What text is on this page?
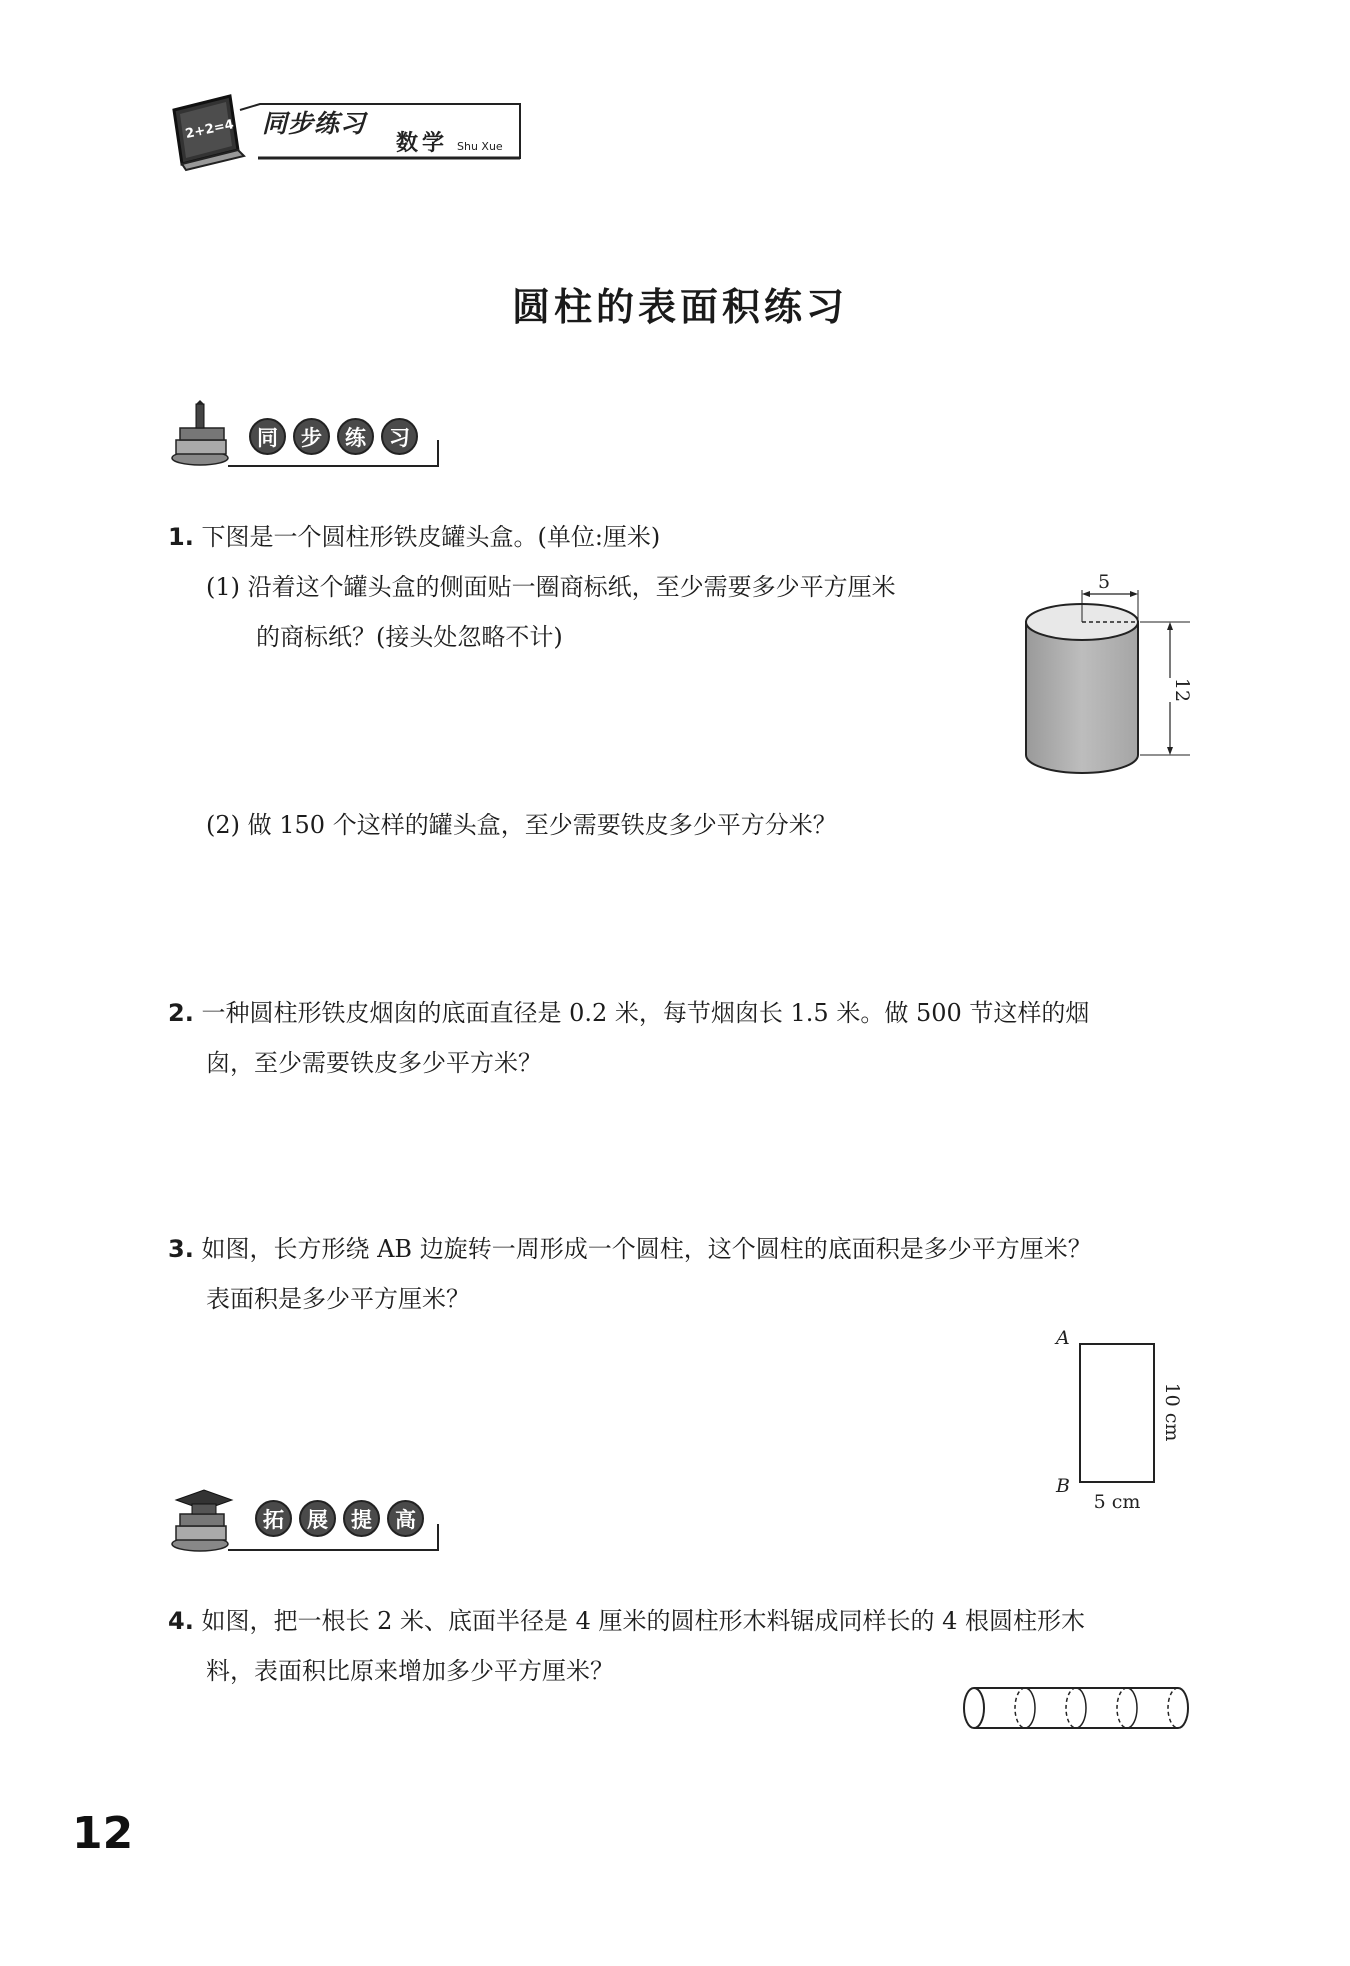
2+2=4 同步练习
数学 Shu Xue
圆柱的表面积练习
同	步	练	习
1. 下图是一个圆柱形铁皮罐头盒。(单位:厘米)
(1) 沿着这个罐头盒的侧面贴一圈商标纸，至少需要多少平方厘米
的商标纸？(接头处忽略不计)
(2) 做 150 个这样的罐头盒，至少需要铁皮多少平方分米？
5
12
2. 一种圆柱形铁皮烟囱的底面直径是 0.2 米，每节烟囱长 1.5 米。做 500 节这样的烟
囱，至少需要铁皮多少平方米？
3. 如图，长方形绕 AB 边旋转一周形成一个圆柱，这个圆柱的底面积是多少平方厘米？
表面积是多少平方厘米？
A
B
10 cm
5 cm
拓	展	提	高
4. 如图，把一根长 2 米、底面半径是 4 厘米的圆柱形木料锯成同样长的 4 根圆柱形木
料，表面积比原来增加多少平方厘米？
12
